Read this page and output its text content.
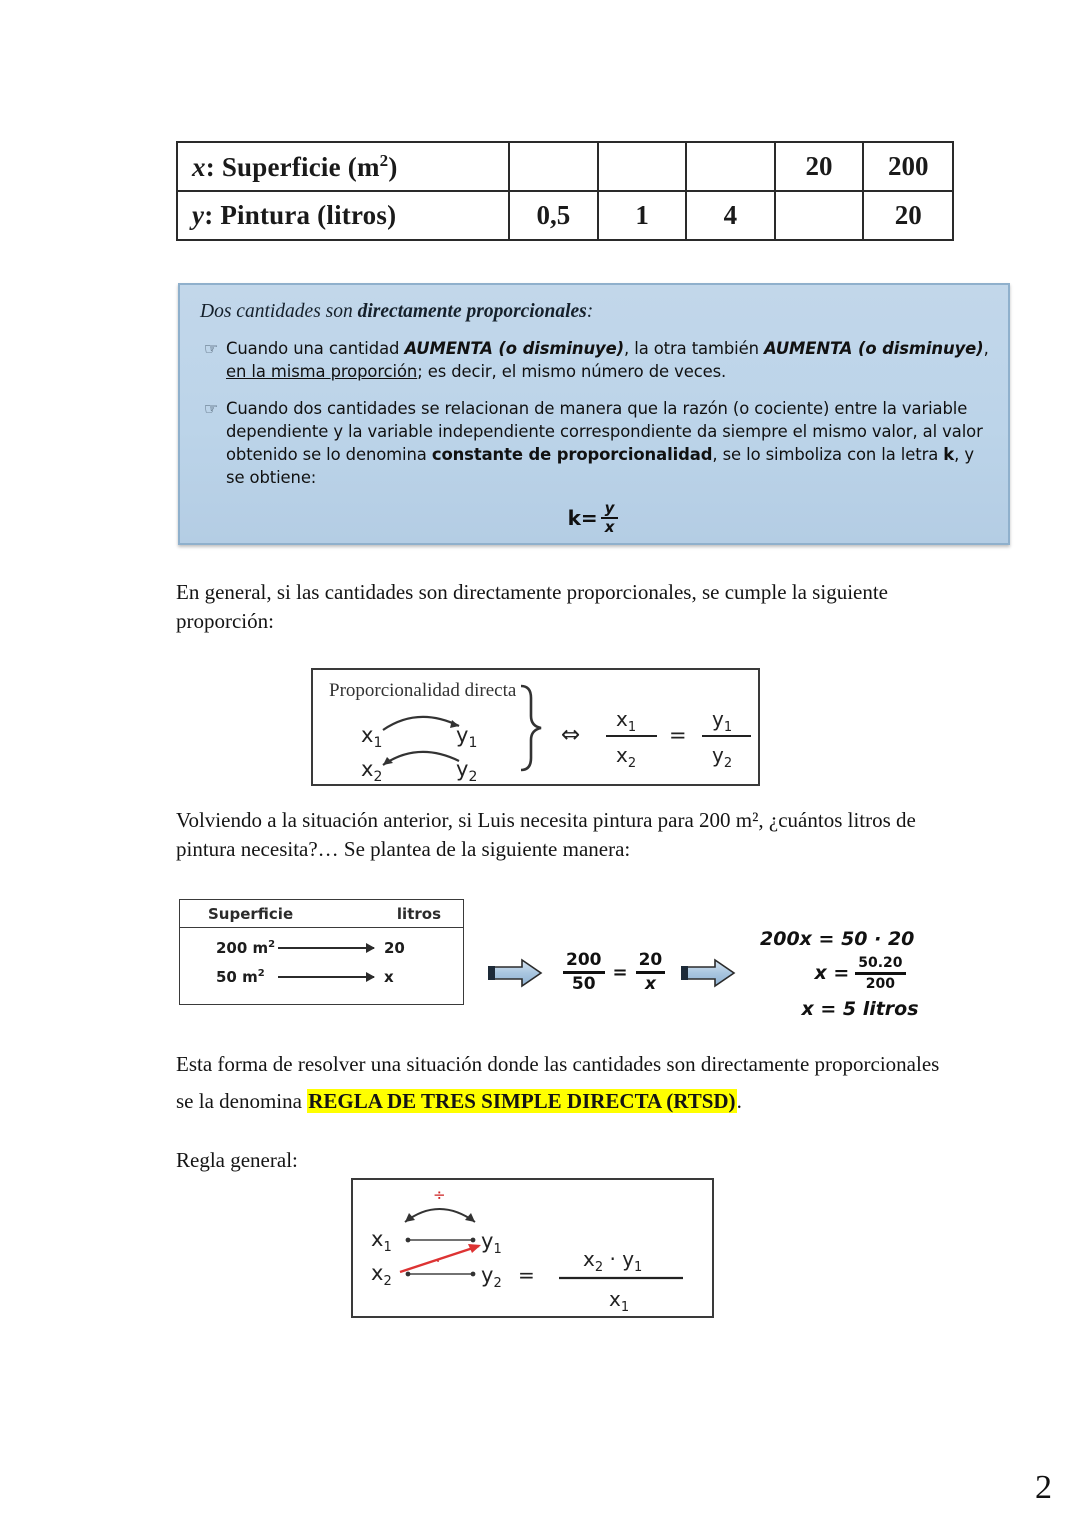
x: Superficie $(m^2)$				20	200
y: Pintura (litros)	0,5	1	4		20
Dos cantidades son directamente proporcionales:
☞ Cuando una cantidad AUMENTA (o disminuye), la otra también AUMENTA (o disminuye), en la misma proporción; es decir, el mismo número de veces.
☞ Cuando dos cantidades se relacionan de manera que la razón (o cociente) entre la variable dependiente y la variable independiente correspondiente da siempre el mismo valor, al valor obtenido se lo denomina constante de proporcionalidad, se lo simboliza con la letra k, y se obtiene:
$k= \frac{y}{x}$
En general, si las cantidades son directamente proporcionales, se cumple la siguiente proporción:
Proporcionalidad directa
$x_1$	$y_1$
$x_2$	$y_2$
⇔
$x_1$
$x_2$
=
$y_1$
$y_2$
Volviendo a la situación anterior, si Luis necesita pintura para 200 m², ¿cuántos litros de
pintura necesita?… Se plantea de la siguiente manera:
Superficie	litros
200 $m^2$	20
50 $m^2$	x	$\frac{200}{50} = \frac{20}{x}$
200x = 50 · 20
$x = \frac{50.20}{200}$
x = 5 litros
Esta forma de resolver una situación donde las cantidades son directamente proporcionales
se la denomina REGLA DE TRES SIMPLE DIRECTA (RTSD).
Regla general:
÷
$x_1$	$y_1$
$x_2$	$y_2$
·
=
$x_2 \cdot y_1$
$x_1$
2
